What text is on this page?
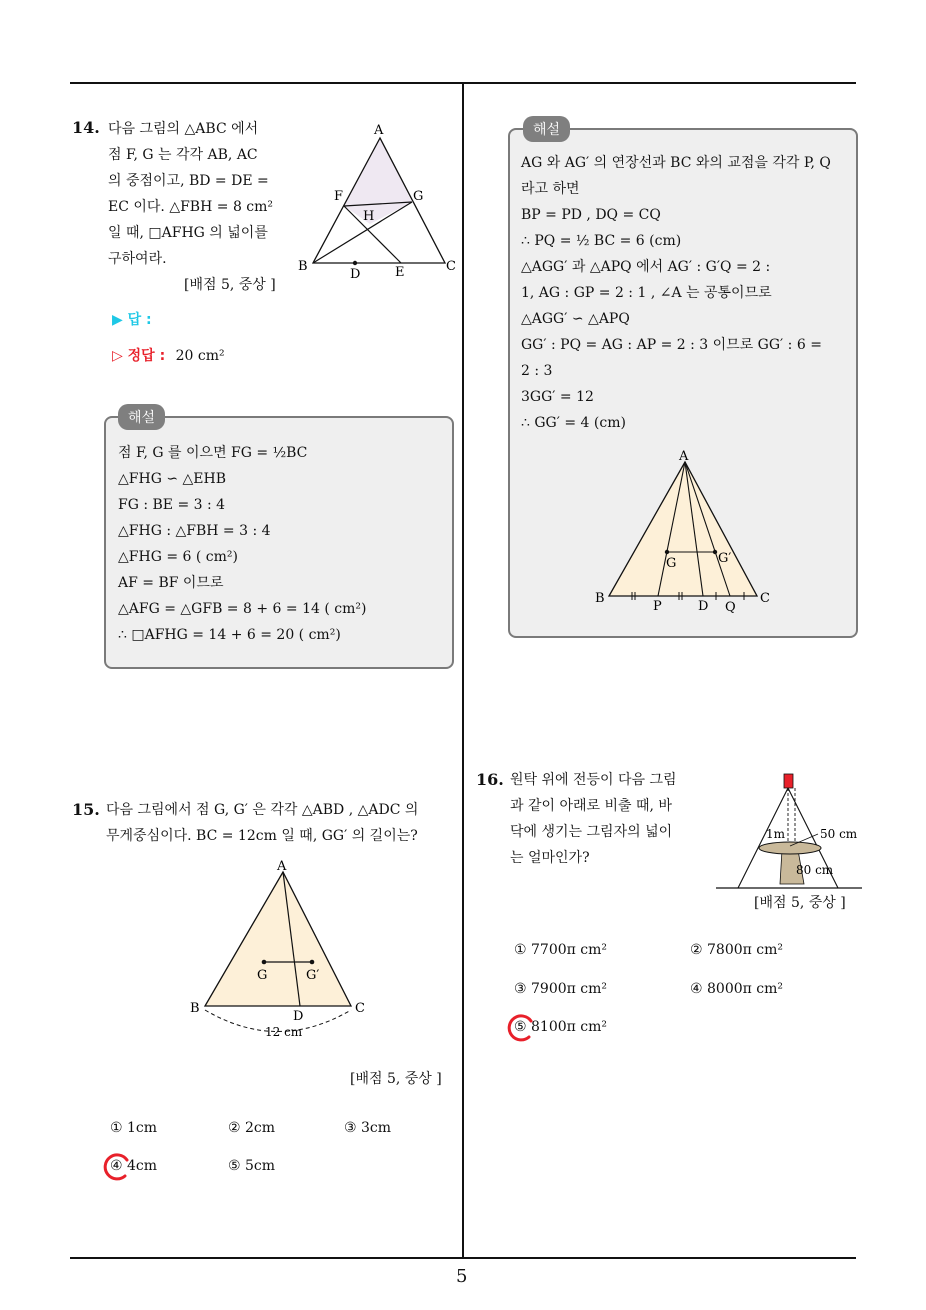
5
14. 다음 그림의 △ABC 에서
점 F, G 는 각각 AB, AC
의 중점이고, BD = DE =
EC 이다. △FBH = 8 cm²
일 때, □AFHG 의 넓이를
구하여라.
[배점 5, 중상 ]
A
B	C
D	E
F	G
H
▶ 답 :
▷ 정답 : 20 cm²
해설
점 F, G 를 이으면 FG = ½BC
△FHG ∽ △EHB
FG : BE = 3 : 4
△FHG : △FBH = 3 : 4
△FHG = 6 ( cm²)
AF = BF 이므로
△AFG = △GFB = 8 + 6 = 14 ( cm²)
∴ □AFHG = 14 + 6 = 20 ( cm²)
15. 다음 그림에서 점 G, G′ 은 각각 △ABD , △ADC 의
무게중심이다. BC = 12cm 일 때, GG′ 의 길이는?
A
B	C
D
G	G′
12 cm
[배점 5, 중상 ]
① 1cm	② 2cm	③ 3cm
④ 4cm	⑤ 5cm
해설
AG 와 AG′ 의 연장선과 BC 와의 교점을 각각 P, Q
라고 하면
BP = PD , DQ = CQ
∴ PQ = ½ BC = 6 (cm)
△AGG′ 과 △APQ 에서 AG′ : G′Q = 2 :
1, AG : GP = 2 : 1 , ∠A 는 공통이므로
△AGG′ ∽ △APQ
GG′ : PQ = AG : AP = 2 : 3 이므로 GG′ : 6 =
2 : 3
3GG′ = 12
∴ GG′ = 4 (cm)
A
B	C
P	D Q
G	G′
16. 원탁 위에 전등이 다음 그림
과 같이 아래로 비출 때, 바
닥에 생기는 그림자의 넓이
는 얼마인가?
1m	50 cm
80 cm
[배점 5, 중상 ]
① 7700π cm²	② 7800π cm²
③ 7900π cm²	④ 8000π cm²
⑤ 8100π cm²
